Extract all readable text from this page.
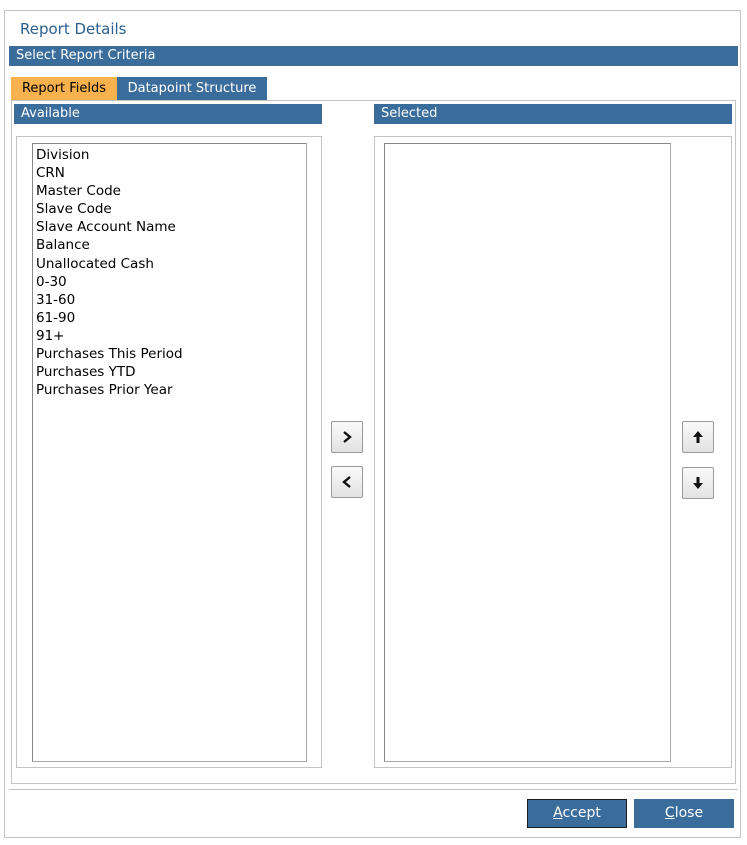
Report Details
Select Report Criteria
Report Fields	Datapoint Structure
Available	Selected
Division
CRN
Master Code
Slave Code
Slave Account Name
Balance
Unallocated Cash
0-30
31-60
61-90
91+
Purchases This Period
Purchases YTD
Purchases Prior Year
Accept	Close
